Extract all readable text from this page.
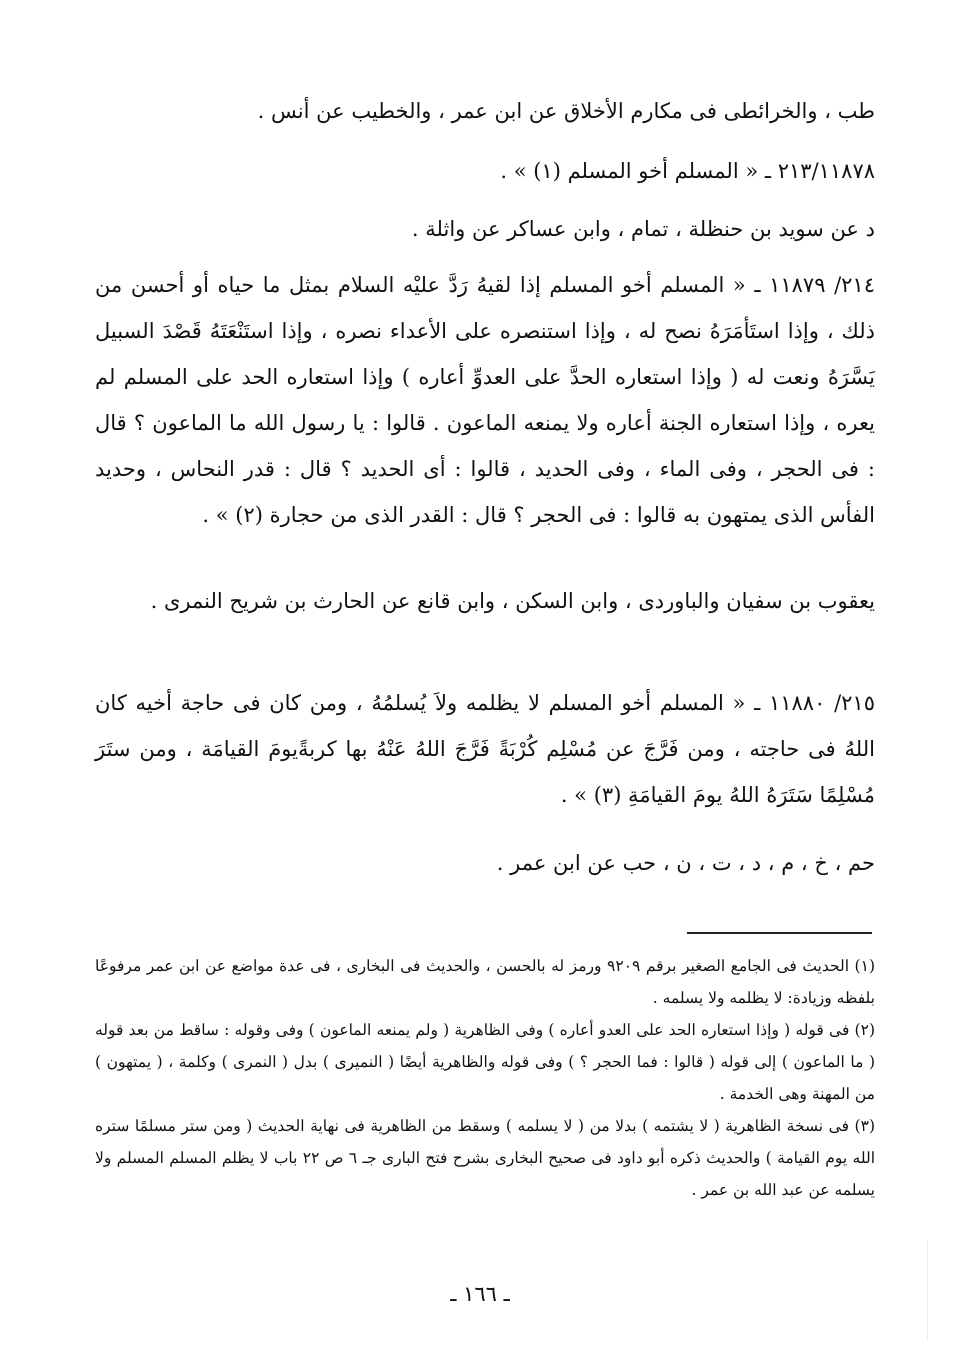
طب ، والخرائطى فى مكارم الأخلاق عن ابن عمر ، والخطيب عن أنس .
٢١٣/١١٨٧٨ ـ « المسلم أخو المسلم (١) » .
د عن سويد بن حنظلة ، تمام ، وابن عساكر عن واثلة .
٢١٤/ ١١٨٧٩ ـ « المسلم أخو المسلم إذا لقيهُ رَدَّ عليْه السلام بمثل ما حياه أو أحسن من ذلك ، وإذا استَأمَرَهُ نصح له ، وإذا استنصره على الأعداء نصره ، وإذا استَنْعَتَهُ قَصْدَ السبيل يَسَّرَهُ ونعت له ( وإذا استعاره الحدَّ على العدوِّ أعاره ) وإذا استعاره الحد على المسلم لم يعره ، وإذا استعاره الجنة أعاره ولا يمنعه الماعون . قالوا : يا رسول الله ما الماعون ؟ قال : فى الحجر ، وفى الماء ، وفى الحديد ، قالوا : أى الحديد ؟ قال : قدر النحاس ، وحديد الفأس الذى يمتهون به قالوا : فى الحجر ؟ قال : القدر الذى من حجارة (٢) » .
يعقوب بن سفيان والباوردى ، وابن السكن ، وابن قانع عن الحارث بن شريح النمرى .
٢١٥/ ١١٨٨٠ ـ « المسلم أخو المسلم لا يظلمه ولاَ يُسلمُهُ ، ومن كان فى حاجة أخيه كان اللهُ فى حاجته ، ومن فَرَّجَ عن مُسْلِم كُرْبَةً فَرَّجَ اللهُ عَنْهُ بها كربةًيومَ القيامَة ، ومن ستَرَ مُسْلِمًا سَتَرَهُ اللهُ يومَ القيامَةِ (٣) » .
حم ، خ ، م ، د ، ت ، ن ، حب عن ابن عمر .
(١) الحديث فى الجامع الصغير برقم ٩٢٠٩ ورمز له بالحسن ، والحديث فى البخارى ، فى عدة مواضع عن ابن عمر مرفوعًا بلفظه وزيادة: لا يظلمه ولا يسلمه .
(٢) فى قوله ( وإذا استعاره الحد على العدو أعاره ) وفى الظاهرية ( ولم يمنعه الماعون ) وفى وقوله : ساقط من بعد قوله ( ما الماعون ) إلى قوله ( قالوا : فما الحجر ؟ ) وفى قوله والظاهرية أيضًا ( النميرى ) بدل ( النمرى ) وكلمة ، ( يمتهون ) من المهنة وهى الخدمة .
(٣) فى نسخة الظاهرية ( لا يشتمه ) بدلا من ( لا يسلمه ) وسقط من الظاهرية فى نهاية الحديث ( ومن ستر مسلمًا ستره الله يوم القيامة ) والحديث ذكره أبو داود فى صحيح البخارى بشرح فتح البارى جـ ٦ ص ٢٢ باب لا يظلم المسلم المسلم ولا يسلمه عن عبد الله بن عمر .
ـ ١٦٦ ـ
